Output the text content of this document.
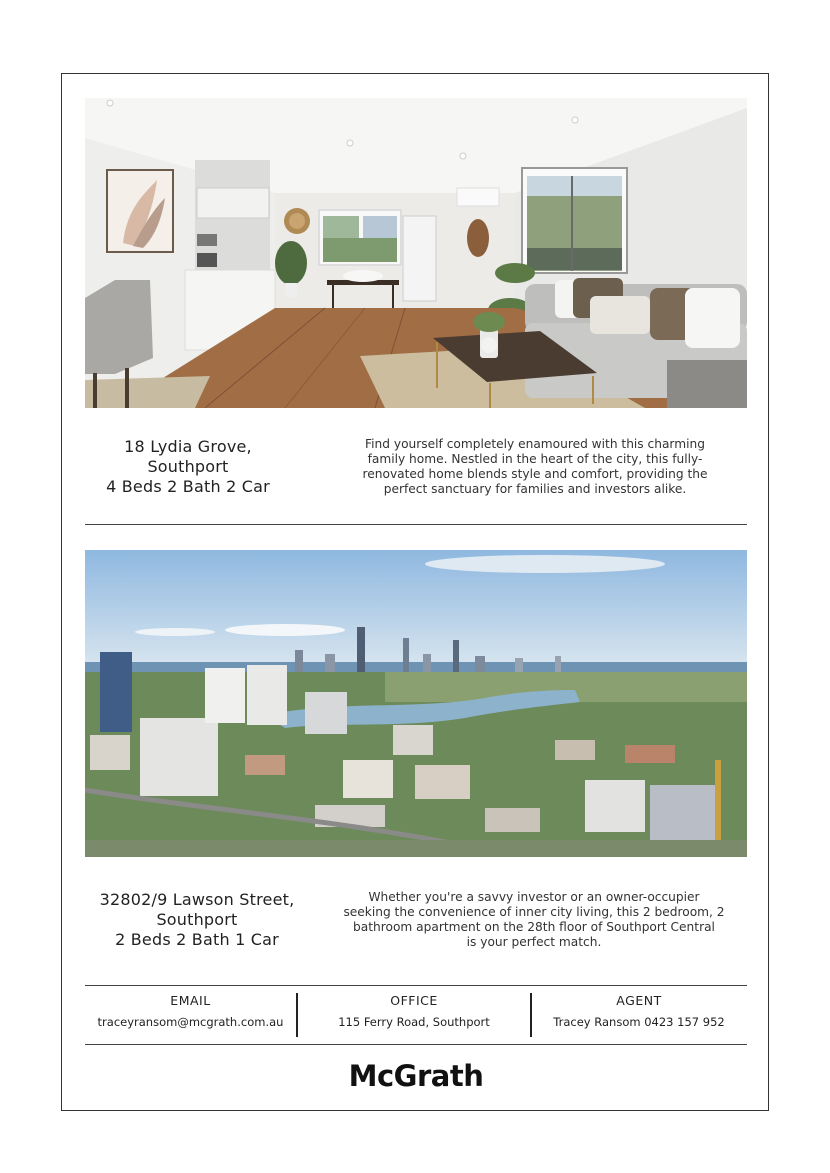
18 Lydia Grove,
Southport
4 Beds 2 Bath 2 Car
Find yourself completely enamoured with this charming
family home. Nestled in the heart of the city, this fully-
renovated home blends style and comfort, providing the
perfect sanctuary for families and investors alike.
32802/9 Lawson Street,
Southport
2 Beds 2 Bath 1 Car
Whether you're a savvy investor or an owner-occupier
seeking the convenience of inner city living, this 2 bedroom, 2
bathroom apartment on the 28th floor of Southport Central
is your perfect match.
EMAIL
traceyransom@mcgrath.com.au
OFFICE
115 Ferry Road, Southport
AGENT
Tracey Ransom 0423 157 952
McGrath
